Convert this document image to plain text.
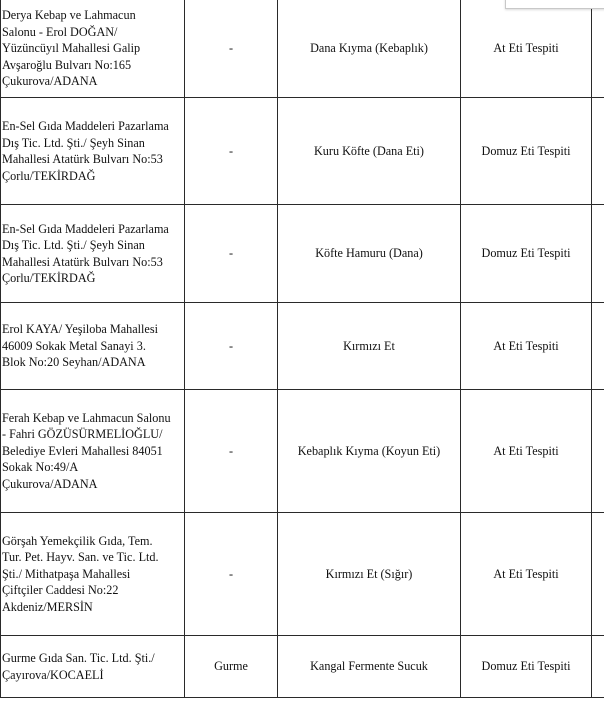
Derya Kebap ve Lahmacun
Salonu - Erol DOĞAN/
Yüzüncüyıl Mahallesi Galip
Avşaroğlu Bulvarı No:165
Çukurova/ADANA	-	Dana Kıyma (Kebaplık)	At Eti Tespiti	

En-Sel Gıda Maddeleri Pazarlama
Dış Tic. Ltd. Şti./ Şeyh Sinan
Mahallesi Atatürk Bulvarı No:53
Çorlu/TEKİRDAĞ	-	Kuru Köfte (Dana Eti)	Domuz Eti Tespiti	

En-Sel Gıda Maddeleri Pazarlama
Dış Tic. Ltd. Şti./ Şeyh Sinan
Mahallesi Atatürk Bulvarı No:53
Çorlu/TEKİRDAĞ	-	Köfte Hamuru (Dana)	Domuz Eti Tespiti	

Erol KAYA/ Yeşiloba Mahallesi
46009 Sokak Metal Sanayi 3.
Blok No:20 Seyhan/ADANA	-	Kırmızı Et	At Eti Tespiti	

Ferah Kebap ve Lahmacun Salonu
- Fahri GÖZÜSÜRMELİOĞLU/
Belediye Evleri Mahallesi 84051
Sokak No:49/A
Çukurova/ADANA	-	Kebaplık Kıyma (Koyun Eti)	At Eti Tespiti	

Görşah Yemekçilik Gıda, Tem.
Tur. Pet. Hayv. San. ve Tic. Ltd.
Şti./ Mithatpaşa Mahallesi
Çiftçiler Caddesi No:22
Akdeniz/MERSİN	-	Kırmızı Et (Sığır)	At Eti Tespiti	

Gurme Gıda San. Tic. Ltd. Şti./
Çayırova/KOCAELİ	Gurme	Kangal Fermente Sucuk	Domuz Eti Tespiti	
